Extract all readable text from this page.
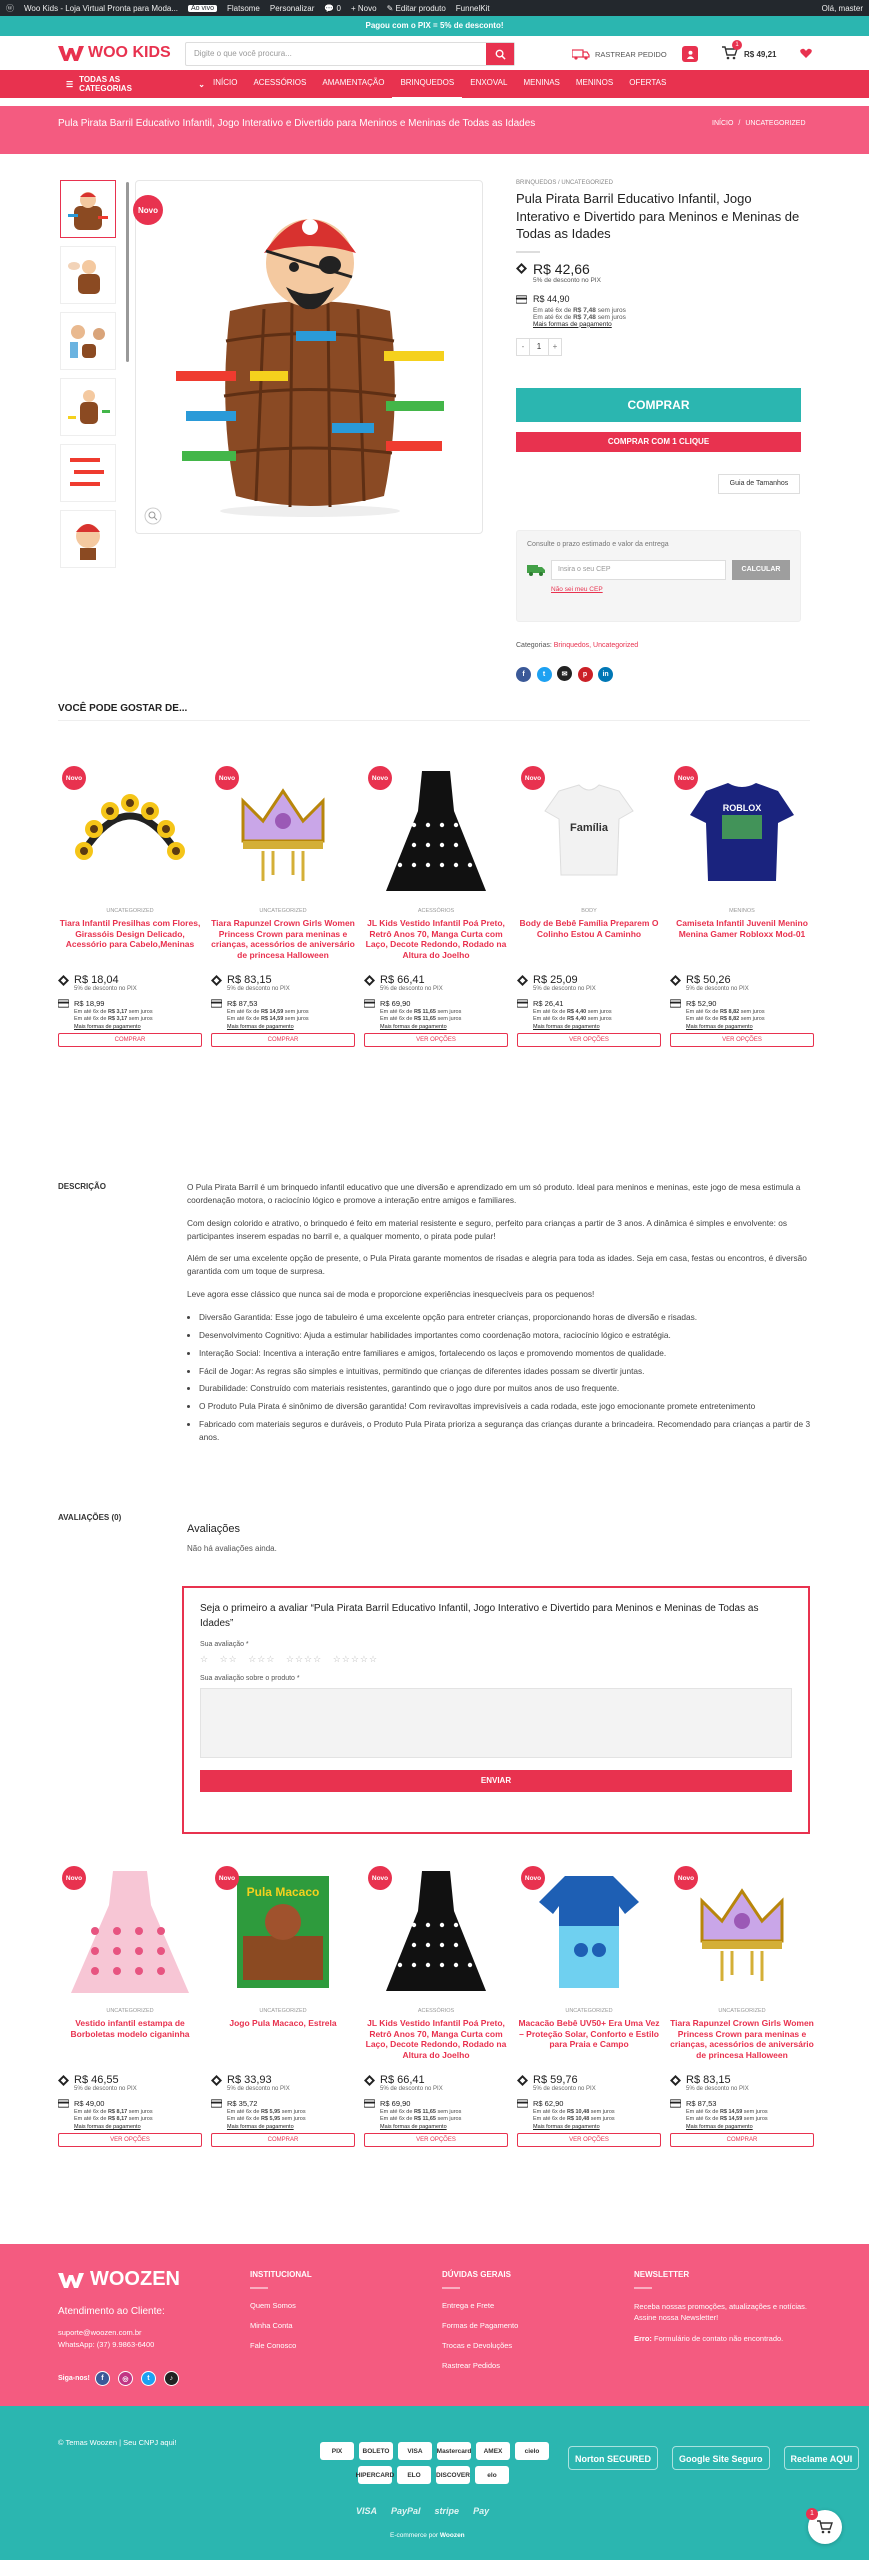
ⓦ Woo Kids - Loja Virtual Pronta para Moda...	Ao vivo	Flatsome Personalizar 💬 0 + Novo ✎ Editar produto FunnelKit	Olá, master
Pagou com o PIX = 5% de desconto!
WOO KIDS	Digite o que você procura...	RASTREAR PEDIDO
1
R$ 49,21
☰ TODAS AS CATEGORIAS	⌄	INÍCIO	ACESSÓRIOS	AMAMENTAÇÃO	BRINQUEDOS	ENXOVAL	MENINAS	MENINOS	OFERTAS
Pula Pirata Barril Educativo Infantil, Jogo Interativo e Divertido para Meninos e Meninas de Todas as Idades	INÍCIO / UNCATEGORIZED
Novo
BRINQUEDOS / UNCATEGORIZED
Pula Pirata Barril Educativo Infantil, Jogo Interativo e Divertido para Meninos e Meninas de Todas as Idades
R$ 42,66
5% de desconto no PIX
R$ 44,90
Em até 6x de R$ 7,48 sem juros
Em até 6x de R$ 7,48 sem juros
Mais formas de pagamento
-	1	+
COMPRAR
COMPRAR COM 1 CLIQUE
Guia de Tamanhos
Consulte o prazo estimado e valor da entrega
Insira o seu CEP	CALCULAR
Não sei meu CEP
Categorias: Brinquedos, Uncategorized
f	t ✉ p in
VOCÊ PODE GOSTAR DE...
Novo
UNCATEGORIZED
Tiara Infantil Presilhas com Flores, Girassóis Design Delicado, Acessório para Cabelo,Meninas
R$ 18,04
5% de desconto no PIX
R$ 18,99
Em até 6x de R$ 3,17 sem juros
Em até 6x de R$ 3,17 sem juros
Mais formas de pagamento
COMPRAR
Novo
UNCATEGORIZED
Tiara Rapunzel Crown Girls Women Princess Crown para meninas e crianças, acessórios de aniversário de princesa Halloween
R$ 83,15
5% de desconto no PIX
R$ 87,53
Em até 6x de R$ 14,59 sem juros
Em até 6x de R$ 14,59 sem juros
Mais formas de pagamento
COMPRAR
Novo
ACESSÓRIOS
JL Kids Vestido Infantil Poá Preto, Retrô Anos 70, Manga Curta com Laço, Decote Redondo, Rodado na Altura do Joelho
R$ 66,41
5% de desconto no PIX
R$ 69,90
Em até 6x de R$ 11,65 sem juros
Em até 6x de R$ 11,65 sem juros
Mais formas de pagamento
VER OPÇÕES
Família
Novo
BODY
Body de Bebê Família Preparem O Colinho Estou A Caminho
R$ 25,09
5% de desconto no PIX
R$ 26,41
Em até 6x de R$ 4,40 sem juros
Em até 6x de R$ 4,40 sem juros
Mais formas de pagamento
VER OPÇÕES
ROBLOX
Novo
MENINOS
Camiseta Infantil Juvenil Menino Menina Gamer Robloxx Mod-01
R$ 50,26
5% de desconto no PIX
R$ 52,90
Em até 6x de R$ 8,82 sem juros
Em até 6x de R$ 8,82 sem juros
Mais formas de pagamento
VER OPÇÕES
DESCRIÇÃO	O Pula Pirata Barril é um brinquedo infantil educativo que une diversão e aprendizado em um só produto. Ideal para meninos e meninas, este jogo de mesa estimula a coordenação motora, o raciocínio lógico e promove a interação entre amigos e familiares.

Com design colorido e atrativo, o brinquedo é feito em material resistente e seguro, perfeito para crianças a partir de 3 anos. A dinâmica é simples e envolvente: os participantes inserem espadas no barril e, a qualquer momento, o pirata pode pular!

Além de ser uma excelente opção de presente, o Pula Pirata garante momentos de risadas e alegria para toda as idades. Seja em casa, festas ou encontros, é diversão garantida com um toque de surpresa.

Leve agora esse clássico que nunca sai de moda e proporcione experiências inesquecíveis para os pequenos!

• Diversão Garantida: Esse jogo de tabuleiro é uma excelente opção para entreter crianças, proporcionando horas de diversão e risadas.
• Desenvolvimento Cognitivo: Ajuda a estimular habilidades importantes como coordenação motora, raciocínio lógico e estratégia.
• Interação Social: Incentiva a interação entre familiares e amigos, fortalecendo os laços e promovendo momentos de qualidade.
• Fácil de Jogar: As regras são simples e intuitivas, permitindo que crianças de diferentes idades possam se divertir juntas.
• Durabilidade: Construído com materiais resistentes, garantindo que o jogo dure por muitos anos de uso frequente.
• O Produto Pula Pirata é sinônimo de diversão garantida! Com reviravoltas imprevisíveis a cada rodada, este jogo emocionante promete entretenimento
• Fabricado com materiais seguros e duráveis, o Produto Pula Pirata prioriza a segurança das crianças durante a brincadeira. Recomendado para crianças a partir de 3 anos.
AVALIAÇÕES (0)
Avaliações
Não há avaliações ainda.
Seja o primeiro a avaliar “Pula Pirata Barril Educativo Infantil, Jogo Interativo e Divertido para Meninos e Meninas de Todas as Idades”
Sua avaliação *
☆   ☆☆   ☆☆☆   ☆☆☆☆   ☆☆☆☆☆
Sua avaliação sobre o produto *
ENVIAR
Novo
UNCATEGORIZED
Vestido infantil estampa de Borboletas modelo ciganinha
R$ 46,55
5% de desconto no PIX
R$ 49,00
Em até 6x de R$ 8,17 sem juros
Em até 6x de R$ 8,17 sem juros
Mais formas de pagamento
VER OPÇÕES
Pula Macaco
Novo
UNCATEGORIZED
Jogo Pula Macaco, Estrela
R$ 33,93
5% de desconto no PIX
R$ 35,72
Em até 6x de R$ 5,95 sem juros
Em até 6x de R$ 5,95 sem juros
Mais formas de pagamento
COMPRAR
Novo
ACESSÓRIOS
JL Kids Vestido Infantil Poá Preto, Retrô Anos 70, Manga Curta com Laço, Decote Redondo, Rodado na Altura do Joelho
R$ 66,41
5% de desconto no PIX
R$ 69,90
Em até 6x de R$ 11,65 sem juros
Em até 6x de R$ 11,65 sem juros
Mais formas de pagamento
VER OPÇÕES
Novo
UNCATEGORIZED
Macacão Bebê UV50+ Era Uma Vez – Proteção Solar, Conforto e Estilo para Praia e Campo
R$ 59,76
5% de desconto no PIX
R$ 62,90
Em até 6x de R$ 10,48 sem juros
Em até 6x de R$ 10,48 sem juros
Mais formas de pagamento
VER OPÇÕES
Novo
UNCATEGORIZED
Tiara Rapunzel Crown Girls Women Princess Crown para meninas e crianças, acessórios de aniversário de princesa Halloween
R$ 83,15
5% de desconto no PIX
R$ 87,53
Em até 6x de R$ 14,59 sem juros
Em até 6x de R$ 14,59 sem juros
Mais formas de pagamento
COMPRAR
WOOZEN
Atendimento ao Cliente:
suporte@woozen.com.br
WhatsApp: (37) 9.9863-6400
Siga-nos!	f	◎	t	♪
INSTITUCIONAL
Quem Somos
Minha Conta
Fale Conosco
DÚVIDAS GERAIS
Entrega e Frete
Formas de Pagamento
Trocas e Devoluções
Rastrear Pedidos
NEWSLETTER
Receba nossas promoções, atualizações e notícias. Assine nossa Newsletter!
Erro: Formulário de contato não encontrado.
© Temas Woozen | Seu CNPJ aqui!
PIX	BOLETO	VISA	Mastercard	AMEX	cielo
HIPERCARD	ELO	DISCOVER	elo
Norton SECURED	Google Site Seguro	Reclame AQUI
VISA PayPal stripe Pay
E-commerce por Woozen
1
